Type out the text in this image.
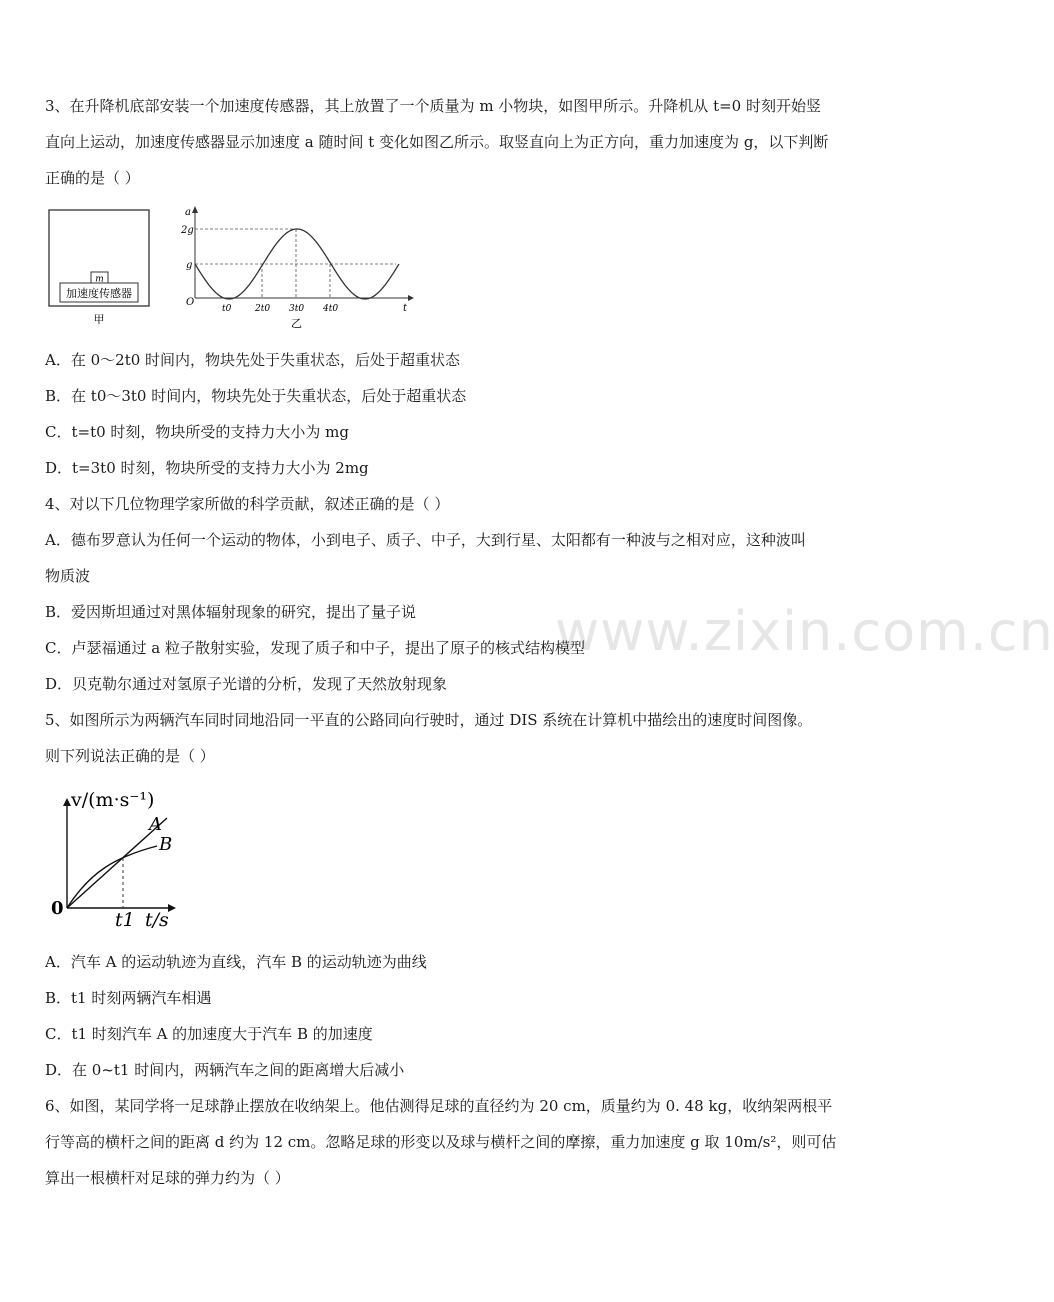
www.zixin.com.cn
3、在升降机底部安装一个加速度传感器，其上放置了一个质量为 m 小物块，如图甲所示。升降机从 t=0 时刻开始竖
直向上运动，加速度传感器显示加速度 a 随时间 t 变化如图乙所示。取竖直向上为正方向，重力加速度为 g，以下判断
正确的是（ ）
m
加速度传感器
甲
a
t
O
2g
g
t0	2t0 3t0 4t0
乙
A．在 0～2t0 时间内，物块先处于失重状态，后处于超重状态
B．在 t0～3t0 时间内，物块先处于失重状态，后处于超重状态
C．t=t0 时刻，物块所受的支持力大小为 mg
D．t=3t0 时刻，物块所受的支持力大小为 2mg
4、对以下几位物理学家所做的科学贡献，叙述正确的是（ ）
A．德布罗意认为任何一个运动的物体，小到电子、质子、中子，大到行星、太阳都有一种波与之相对应，这种波叫
物质波
B．爱因斯坦通过对黑体辐射现象的研究，提出了量子说
C．卢瑟福通过 a 粒子散射实验，发现了质子和中子，提出了原子的核式结构模型
D．贝克勒尔通过对氢原子光谱的分析，发现了天然放射现象
5、如图所示为两辆汽车同时同地沿同一平直的公路同向行驶时，通过 DIS 系统在计算机中描绘出的速度时间图像。
则下列说法正确的是（ ）
v/(m·s⁻¹)
0
t/s
t1
A
B
A．汽车 A 的运动轨迹为直线，汽车 B 的运动轨迹为曲线
B．t1 时刻两辆汽车相遇
C．t1 时刻汽车 A 的加速度大于汽车 B 的加速度
D．在 0~t1 时间内，两辆汽车之间的距离增大后减小
6、如图，某同学将一足球静止摆放在收纳架上。他估测得足球的直径约为 20 cm，质量约为 0. 48 kg，收纳架两根平
行等高的横杆之间的距离 d 约为 12 cm。忽略足球的形变以及球与横杆之间的摩擦，重力加速度 g 取 10m/s²，则可估
算出一根横杆对足球的弹力约为（ ）
